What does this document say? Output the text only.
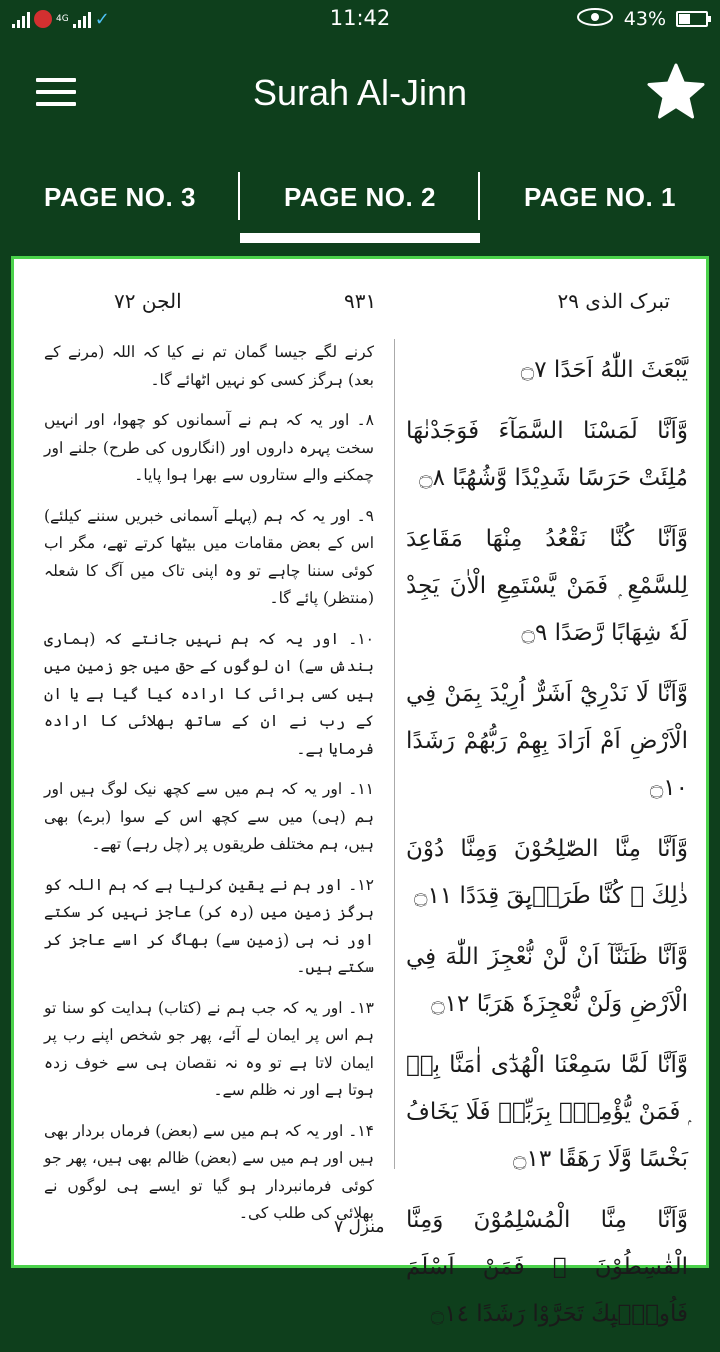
4G ✓	11:42	43%
Surah Al-Jinn
PAGE NO. 3	PAGE NO. 2	PAGE NO. 1
الجن ۷۲	۹۳۱	تبرک الذی ۲۹

کرنے لگے جیسا گمان تم نے کیا کہ اللہ (مرنے کے بعد) ہرگز کسی کو نہیں اٹھائے گا۔

۸۔ اور یہ کہ ہم نے آسمانوں کو چھوا، اور انہیں سخت پہرہ داروں اور (انگاروں کی طرح) جلنے اور چمکنے والے ستاروں سے بھرا ہوا پایا۔

۹۔ اور یہ کہ ہم (پہلے آسمانی خبریں سننے کیلئے) اس کے بعض مقامات میں بیٹھا کرتے تھے، مگر اب کوئی سننا چاہے تو وہ اپنی تاک میں آگ کا شعلہ (منتظر) پائے گا۔

۱۰۔ اور یہ کہ ہم نہیں جانتے کہ (ہماری بندش سے) ان لوگوں کے حق میں جو زمین میں ہیں کسی برائی کا ارادہ کیا گیا ہے یا ان کے رب نے ان کے ساتھ بھلائی کا ارادہ فرمایا ہے۔

۱۱۔ اور یہ کہ ہم میں سے کچھ نیک لوگ ہیں اور ہم (ہی) میں سے کچھ اس کے سوا (برے) بھی ہیں، ہم مختلف طریقوں پر (چل رہے) تھے۔

۱۲۔ اور ہم نے یقین کرلیا ہے کہ ہم اللہ کو ہرگز زمین میں (رہ کر) عاجز نہیں کر سکتے اور نہ ہی (زمین سے) بھاگ کر اسے عاجز کر سکتے ہیں۔

۱۳۔ اور یہ کہ جب ہم نے (کتاب) ہدایت کو سنا تو ہم اس پر ایمان لے آئے، پھر جو شخص اپنے رب پر ایمان لاتا ہے تو وہ نہ نقصان ہی سے خوف زدہ ہوتا ہے اور نہ ظلم سے۔

۱۴۔ اور یہ کہ ہم میں سے (بعض) فرماں بردار بھی ہیں اور ہم میں سے (بعض) ظالم بھی ہیں، پھر جو کوئی فرمانبردار ہو گیا تو ایسے ہی لوگوں نے بھلائی کی طلب کی۔

يَّبْعَثَ اللّٰهُ اَحَدًا ۝٧

وَّاَنَّا لَمَسْنَا السَّمَآءَ فَوَجَدْنٰهَا مُلِئَتْ حَرَسًا شَدِيْدًا وَّشُهُبًا ۝٨

وَّاَنَّا كُنَّا نَقْعُدُ مِنْهَا مَقَاعِدَ لِلسَّمْعِ ۭ فَمَنْ يَّسْتَمِعِ الْاٰنَ يَجِدْ لَهٗ شِهَابًا رَّصَدًا ۝٩

وَّاَنَّا لَا نَدْرِيْٓ اَشَرٌّ اُرِيْدَ بِمَنْ فِي الْاَرْضِ اَمْ اَرَادَ بِهِمْ رَبُّهُمْ رَشَدًا ۝١٠

وَّاَنَّا مِنَّا الصّٰلِحُوْنَ وَمِنَّا دُوْنَ ذٰلِكَ ۭ كُنَّا طَرَاۗىِٕقَ قِدَدًا ۝١١

وَّاَنَّا ظَنَنَّآ اَنْ لَّنْ نُّعْجِزَ اللّٰهَ فِي الْاَرْضِ وَلَنْ نُّعْجِزَهٗ هَرَبًا ۝١٢

وَّاَنَّا لَمَّا سَمِعْنَا الْهُدٰٓى اٰمَنَّا بِهٖ ۭ فَمَنْ يُّؤْمِنْۢ بِرَبِّهٖ فَلَا يَخَافُ بَخْسًا وَّلَا رَهَقًا ۝١٣

وَّاَنَّا مِنَّا الْمُسْلِمُوْنَ وَمِنَّا الْقٰسِطُوْنَ ۭ فَمَنْ اَسْلَمَ فَاُولٰۗىِٕكَ تَحَرَّوْا رَشَدًا ۝١٤

منزل ۷
